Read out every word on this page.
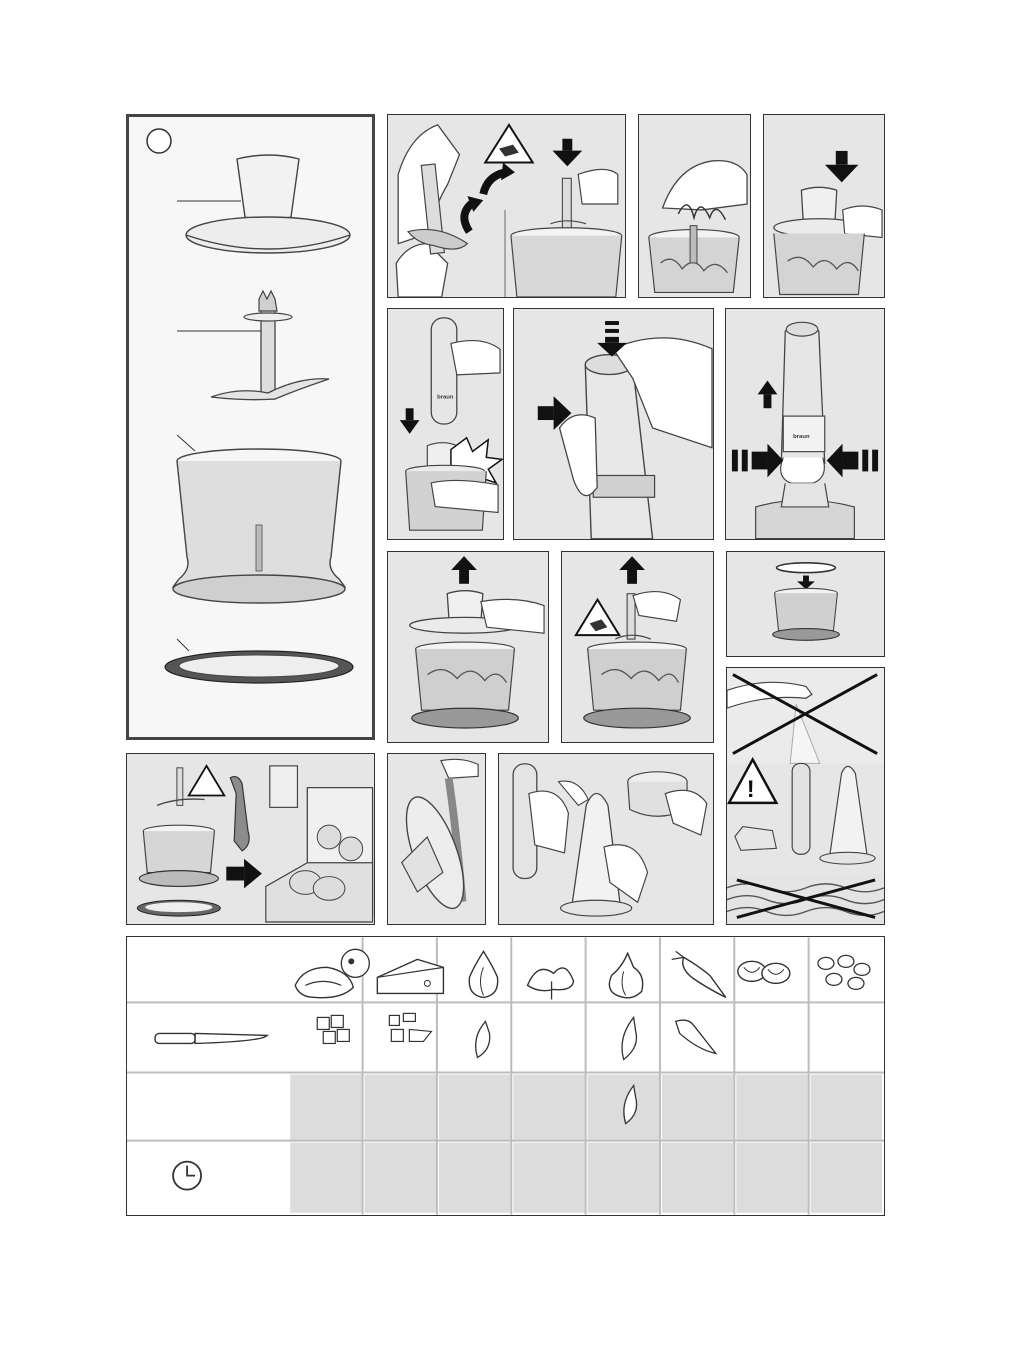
braun
braun
!
